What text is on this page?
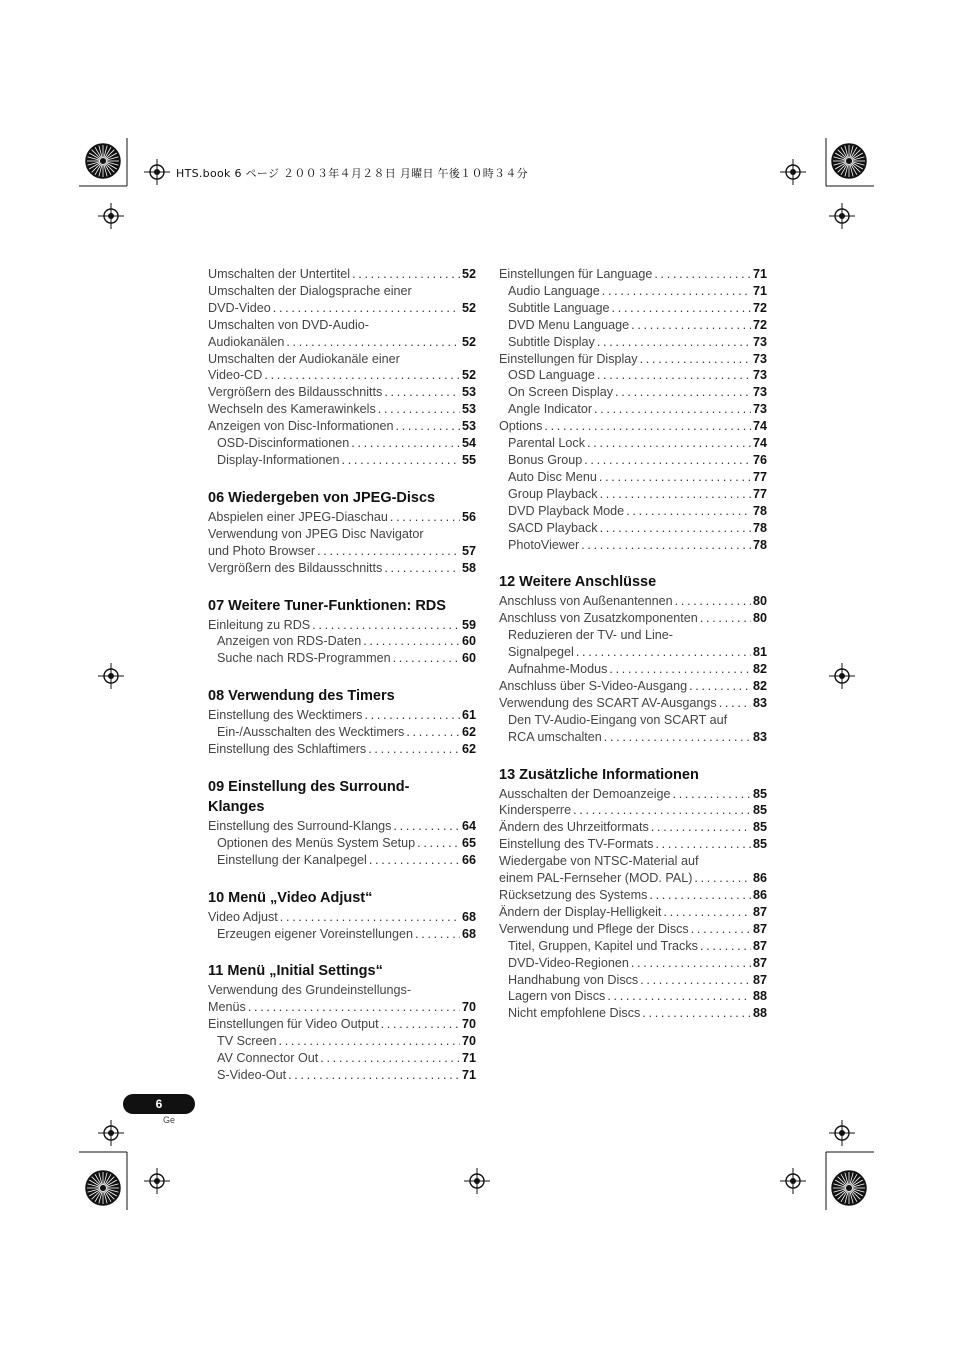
HTS.book 6 ページ ２００３年４月２８日 月曜日 午後１０時３４分
Umschalten der Untertitel . . .	52
Umschalten der Dialogsprache einer
DVD-Video . . .	52
Umschalten von DVD-Audio-
Audiokanälen . . .	52
Umschalten der Audiokanäle einer
Video-CD . . .	52
Vergrößern des Bildausschnitts . . .	53
Wechseln des Kamerawinkels . . .	53
Anzeigen von Disc-Informationen . . .	53
OSD-Discinformationen . . .	54
Display-Informationen . . .	55
06 Wiedergeben von JPEG-Discs
Abspielen einer JPEG-Diaschau . . .	56
Verwendung von JPEG Disc Navigator
und Photo Browser . . .	57
Vergrößern des Bildausschnitts . . .	58
07 Weitere Tuner-Funktionen: RDS
Einleitung zu RDS . . .	59
Anzeigen von RDS-Daten . . .	60
Suche nach RDS-Programmen . . .	60
08 Verwendung des Timers
Einstellung des Wecktimers . . .	61
Ein-/Ausschalten des Wecktimers . . .	62
Einstellung des Schlaftimers . . .	62
09 Einstellung des Surround-
Klanges
Einstellung des Surround-Klangs . . .	64
Optionen des Menüs System Setup . . .	65
Einstellung der Kanalpegel . . .	66
10 Menü „Video Adjust“
Video Adjust . . .	68
Erzeugen eigener Voreinstellungen . . .	68
11 Menü „Initial Settings“
Verwendung des Grundeinstellungs-
Menüs . . .	70
Einstellungen für Video Output . . .	70
TV Screen . . .	70
AV Connector Out . . .	71
S-Video-Out . . .	71
Einstellungen für Language . . .	71
Audio Language . . .	71
Subtitle Language . . .	72
DVD Menu Language . . .	72
Subtitle Display . . .	73
Einstellungen für Display . . .	73
OSD Language . . .	73
On Screen Display . . .	73
Angle Indicator . . .	73
Options . . .	74
Parental Lock . . .	74
Bonus Group . . .	76
Auto Disc Menu . . .	77
Group Playback . . .	77
DVD Playback Mode . . .	78
SACD Playback . . .	78
PhotoViewer . . .	78
12 Weitere Anschlüsse
Anschluss von Außenantennen . . .	80
Anschluss von Zusatzkomponenten . . .	80
Reduzieren der TV- und Line-
Signalpegel . . .	81
Aufnahme-Modus . . .	82
Anschluss über S-Video-Ausgang . . .	82
Verwendung des SCART AV-Ausgangs . . .	83
Den TV-Audio-Eingang von SCART auf
RCA umschalten . . .	83
13 Zusätzliche Informationen
Ausschalten der Demoanzeige . . .	85
Kindersperre . . .	85
Ändern des Uhrzeitformats . . .	85
Einstellung des TV-Formats . . .	85
Wiedergabe von NTSC-Material auf
einem PAL-Fernseher (MOD. PAL) . . .	86
Rücksetzung des Systems . . .	86
Ändern der Display-Helligkeit . . .	87
Verwendung und Pflege der Discs . . .	87
Titel, Gruppen, Kapitel und Tracks . . .	87
DVD-Video-Regionen . . .	87
Handhabung von Discs . . .	87
Lagern von Discs . . .	88
Nicht empfohlene Discs . . .	88
6
Ge
